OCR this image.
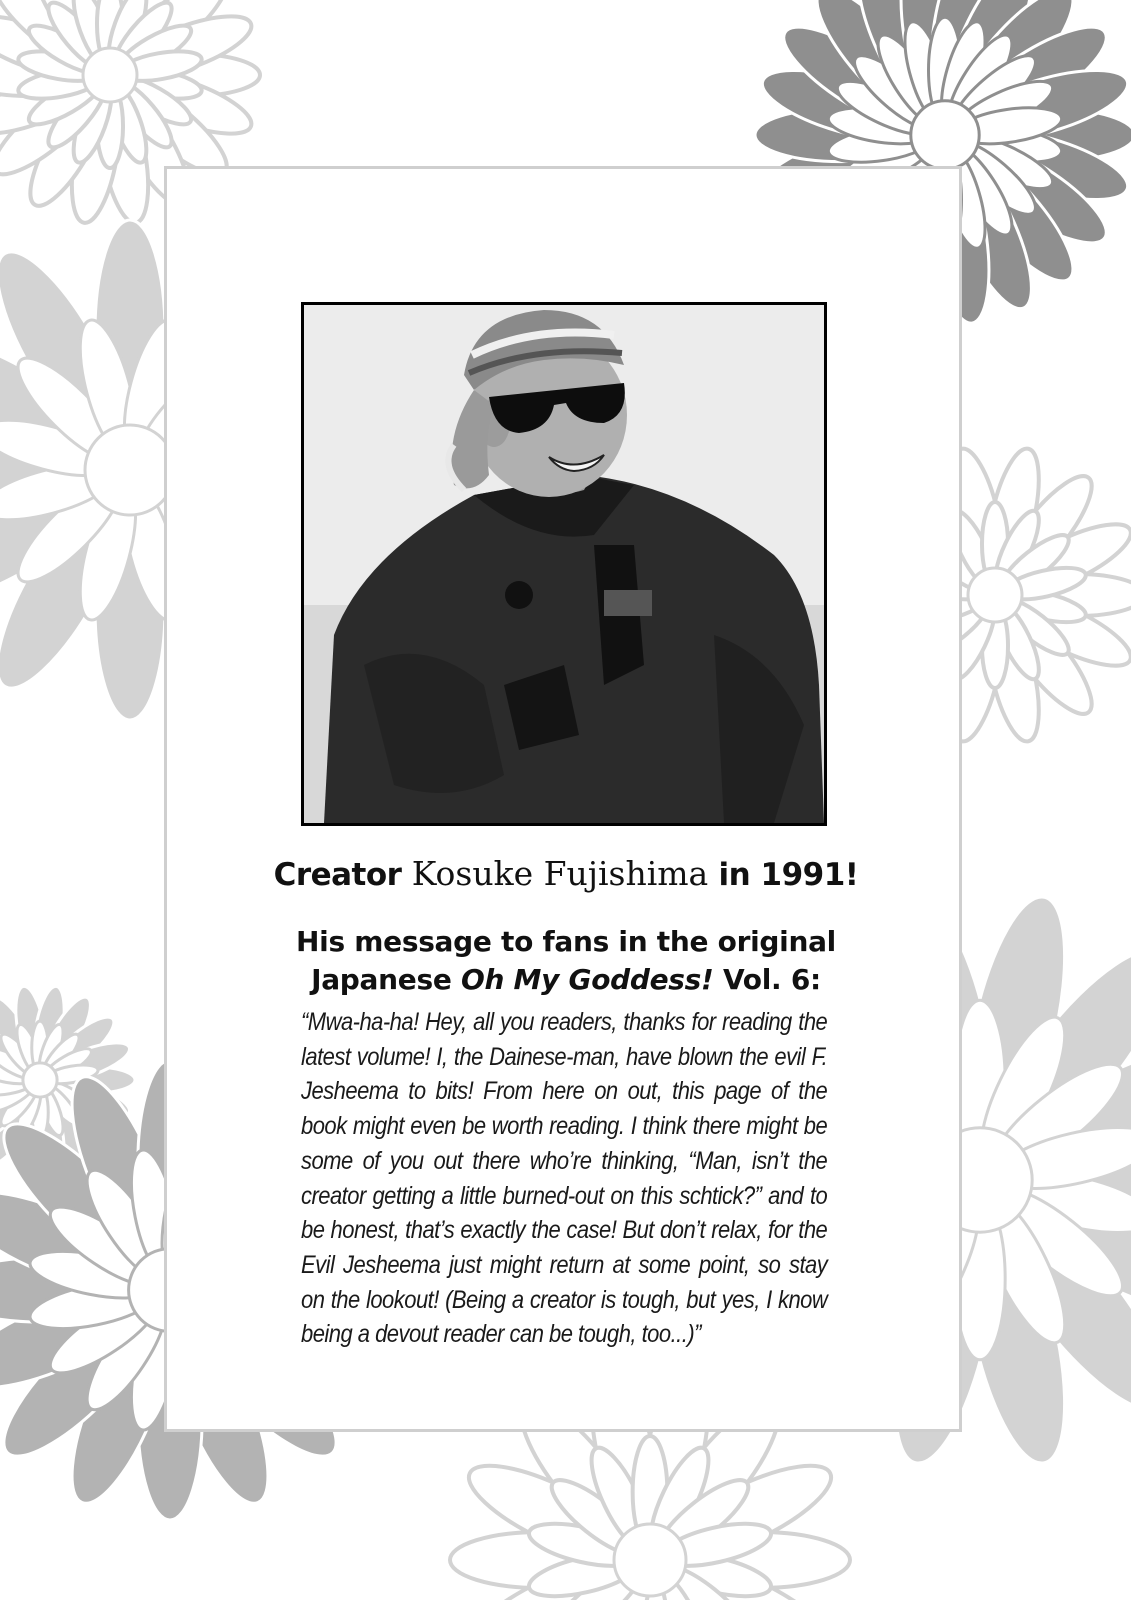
Creator Kosuke Fujishima in 1991!
His message to fans in the original
Japanese Oh My Goddess! Vol. 6:
“Mwa-ha-ha! Hey, all you readers, thanks for reading the latest volume! I, the Dainese-man, have blown the evil F. Jesheema to bits! From here on out, this page of the book might even be worth reading. I think there might be some of you out there who’re thinking, “Man, isn’t the creator getting a little burned-out on this schtick?” and to be honest, that’s exactly the case! But don’t relax, for the Evil Jesheema just might return at some point, so stay on the lookout! (Being a creator is tough, but yes, I know being a devout reader can be tough, too...)”
